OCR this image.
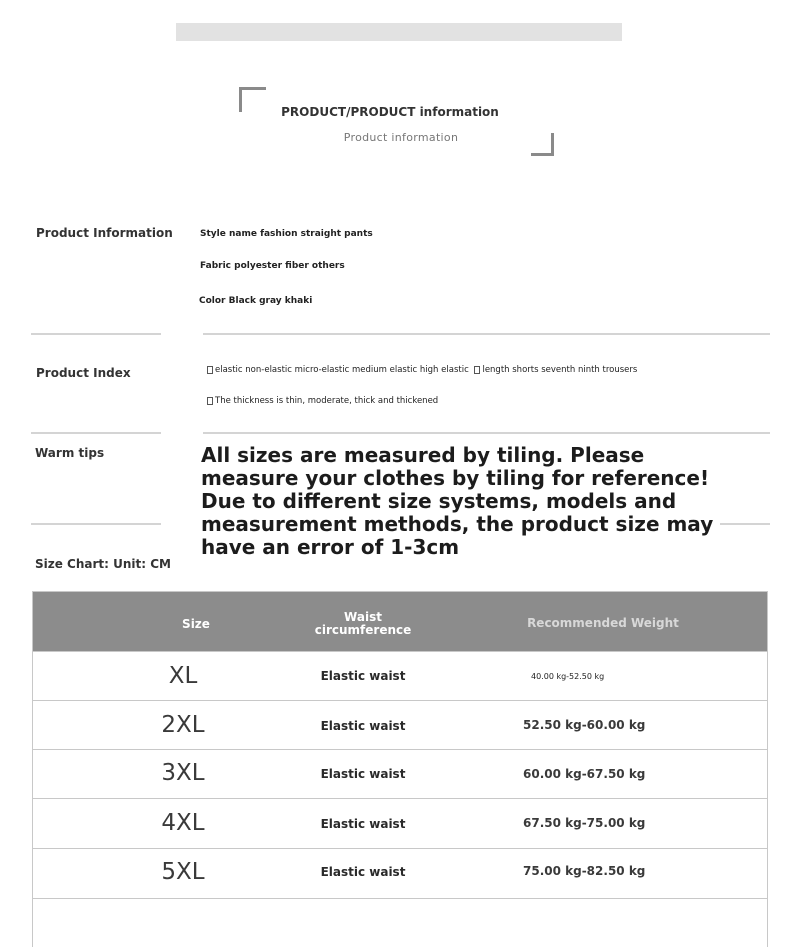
PRODUCT/PRODUCT information
Product information
Product Information	Style name fashion straight pants
Fabric polyester fiber others
Color Black gray khaki
Product Index	elastic non-elastic micro-elastic medium elastic high elastic length shorts seventh ninth trousers
The thickness is thin, moderate, thick and thickened
Warm tips	All sizes are measured by tiling. Please measure your clothes by tiling for reference! Due to different size systems, models and measurement methods, the product size may have an error of 1-3cm
Size Chart: Unit: CM
Size	Waist circumference	Recommended Weight
XL	Elastic waist	40.00 kg-52.50 kg
2XL	Elastic waist	52.50 kg-60.00 kg
3XL	Elastic waist	60.00 kg-67.50 kg
4XL	Elastic waist	67.50 kg-75.00 kg
5XL	Elastic waist	75.00 kg-82.50 kg
